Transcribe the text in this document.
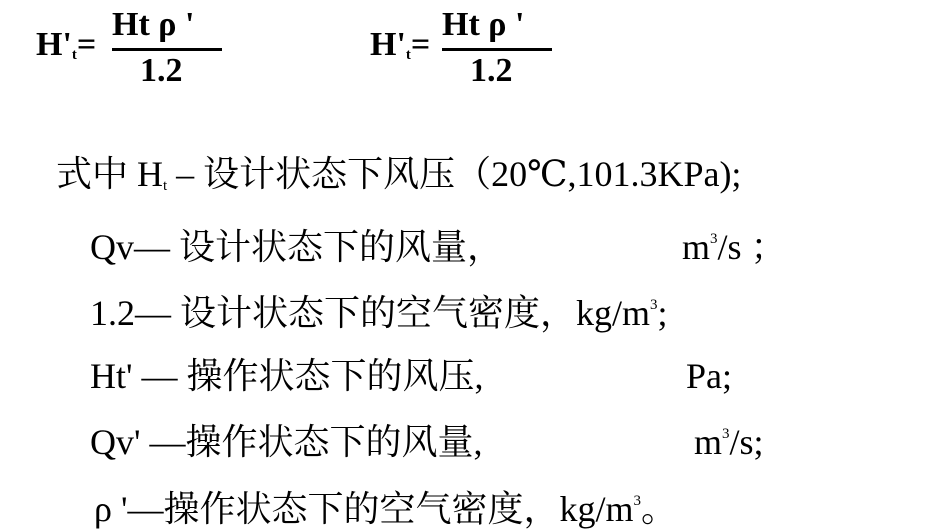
$H'_t=$
Ht ρ '
1.2
$H'_t=$
Ht ρ '
1.2

式中 $H_t$ – 设计状态下风压（20℃,101.3KPa);

Qv— 设计状态下的风量，	$m^3/s$ ；

1.2— 设计状态下的空气密度，$kg/m^3$;

Ht' — 操作状态下的风压,	Pa;

Qv' —操作状态下的风量,	$m^3/s$;

ρ '—操作状态下的空气密度，$kg/m^3$。
